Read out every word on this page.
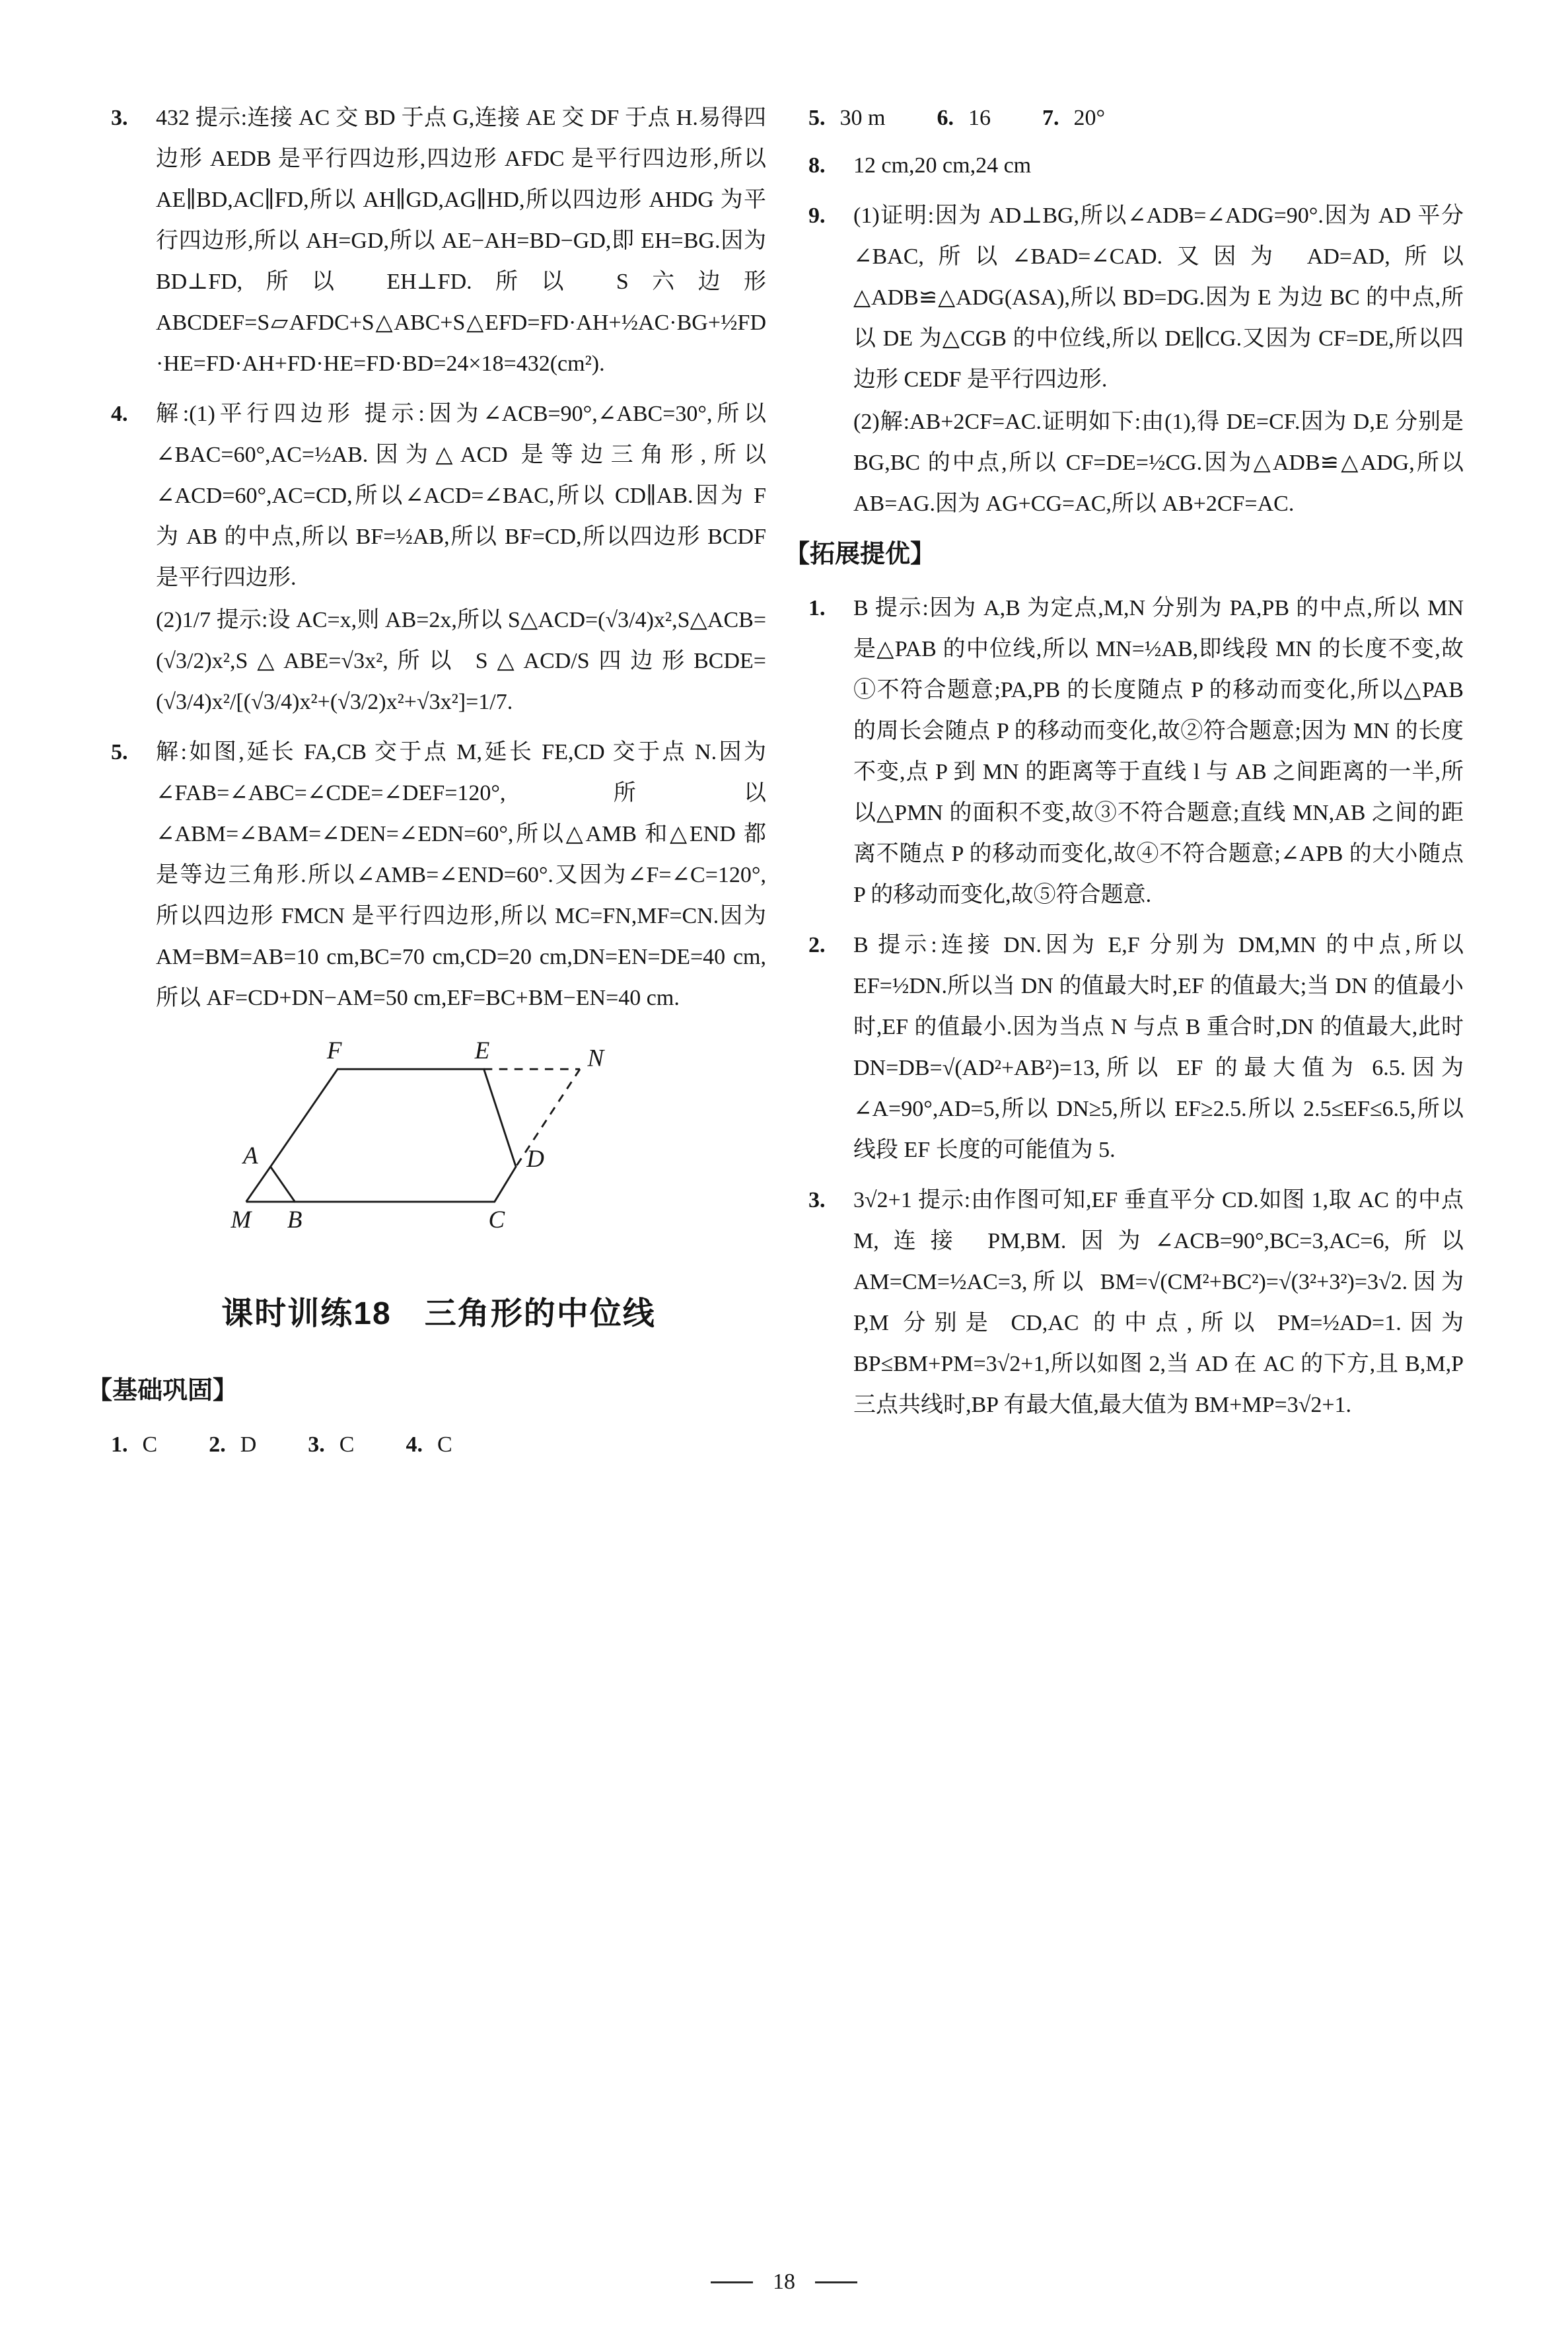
3.	432 提示:连接 AC 交 BD 于点 G,连接 AE 交 DF 于点 H.易得四边形 AEDB 是平行四边形,四边形 AFDC 是平行四边形,所以 AE∥BD,AC∥FD,所以 AH∥GD,AG∥HD,所以四边形 AHDG 为平行四边形,所以 AH=GD,所以 AE−AH=BD−GD,即 EH=BG.因为 BD⊥FD,所以 EH⊥FD.所以 S六边形ABCDEF=S▱AFDC+S△ABC+S△EFD=FD·AH+½AC·BG+½FD·HE=FD·AH+FD·HE=FD·BD=24×18=432(cm²).

4.	解:(1)平行四边形 提示:因为∠ACB=90°,∠ABC=30°,所以∠BAC=60°,AC=½AB.因为△ACD 是等边三角形,所以∠ACD=60°,AC=CD,所以∠ACD=∠BAC,所以 CD∥AB.因为 F 为 AB 的中点,所以 BF=½AB,所以 BF=CD,所以四边形 BCDF 是平行四边形.

(2)1/7 提示:设 AC=x,则 AB=2x,所以 S△ACD=(√3/4)x²,S△ACB=(√3/2)x²,S△ABE=√3x²,所以 S△ACD/S四边形BCDE=(√3/4)x²/[(√3/4)x²+(√3/2)x²+√3x²]=1/7.

5.	解:如图,延长 FA,CB 交于点 M,延长 FE,CD 交于点 N.因为∠FAB=∠ABC=∠CDE=∠DEF=120°,所以∠ABM=∠BAM=∠DEN=∠EDN=60°,所以△AMB 和△END 都是等边三角形.所以∠AMB=∠END=60°.又因为∠F=∠C=120°,所以四边形 FMCN 是平行四边形,所以 MC=FN,MF=CN.因为 AM=BM=AB=10 cm,BC=70 cm,CD=20 cm,DN=EN=DE=40 cm,所以 AF=CD+DN−AM=50 cm,EF=BC+BM−EN=40 cm.

F	E	N
A	D
M B	C
课时训练18　三角形的中位线
【基础巩固】
1. C 2. D 3. C 4. C
5. 30 m 6. 16 7. 20°
8.	12 cm,20 cm,24 cm

9.	(1)证明:因为 AD⊥BG,所以∠ADB=∠ADG=90°.因为 AD 平分∠BAC,所以∠BAD=∠CAD.又因为 AD=AD,所以△ADB≌△ADG(ASA),所以 BD=DG.因为 E 为边 BC 的中点,所以 DE 为△CGB 的中位线,所以 DE∥CG.又因为 CF=DE,所以四边形 CEDF 是平行四边形.

(2)解:AB+2CF=AC.证明如下:由(1),得 DE=CF.因为 D,E 分别是 BG,BC 的中点,所以 CF=DE=½CG.因为△ADB≌△ADG,所以 AB=AG.因为 AG+CG=AC,所以 AB+2CF=AC.

【拓展提优】
1.	B 提示:因为 A,B 为定点,M,N 分别为 PA,PB 的中点,所以 MN 是△PAB 的中位线,所以 MN=½AB,即线段 MN 的长度不变,故①不符合题意;PA,PB 的长度随点 P 的移动而变化,所以△PAB 的周长会随点 P 的移动而变化,故②符合题意;因为 MN 的长度不变,点 P 到 MN 的距离等于直线 l 与 AB 之间距离的一半,所以△PMN 的面积不变,故③不符合题意;直线 MN,AB 之间的距离不随点 P 的移动而变化,故④不符合题意;∠APB 的大小随点 P 的移动而变化,故⑤符合题意.

2.	B 提示:连接 DN.因为 E,F 分别为 DM,MN 的中点,所以 EF=½DN.所以当 DN 的值最大时,EF 的值最大;当 DN 的值最小时,EF 的值最小.因为当点 N 与点 B 重合时,DN 的值最大,此时 DN=DB=√(AD²+AB²)=13,所以 EF 的最大值为 6.5.因为∠A=90°,AD=5,所以 DN≥5,所以 EF≥2.5.所以 2.5≤EF≤6.5,所以线段 EF 长度的可能值为 5.

3.	3√2+1 提示:由作图可知,EF 垂直平分 CD.如图 1,取 AC 的中点 M,连接 PM,BM.因为∠ACB=90°,BC=3,AC=6,所以 AM=CM=½AC=3,所以 BM=√(CM²+BC²)=√(3²+3²)=3√2.因为 P,M 分别是 CD,AC 的中点,所以 PM=½AD=1.因为 BP≤BM+PM=3√2+1,所以如图 2,当 AD 在 AC 的下方,且 B,M,P 三点共线时,BP 有最大值,最大值为 BM+MP=3√2+1.

18
